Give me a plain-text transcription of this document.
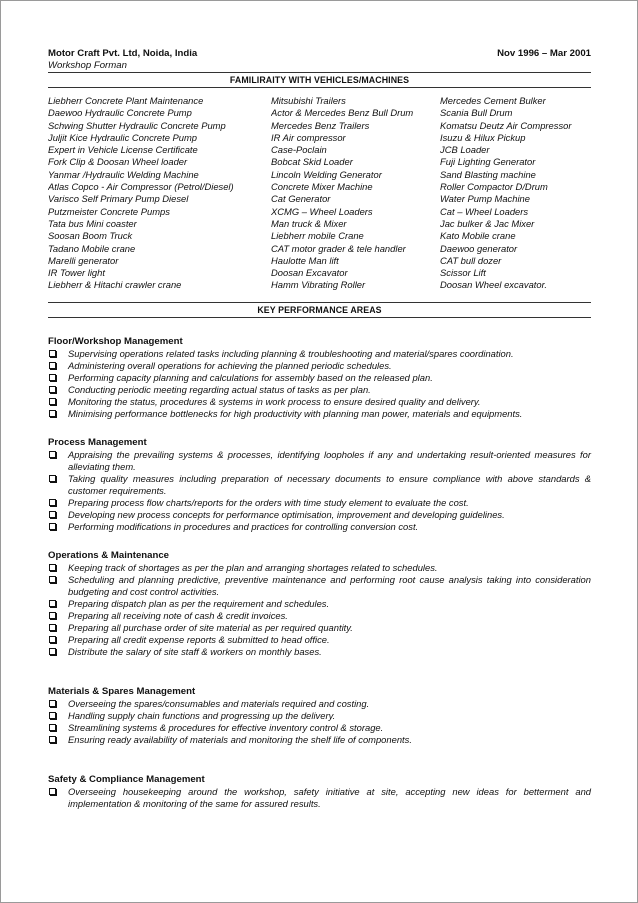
Motor Craft Pvt. Ltd, Noida, India	Nov 1996 – Mar 2001
Workshop Forman
FAMILIRAITY WITH VEHICLES/MACHINES
Liebherr Concrete Plant Maintenance	Mitsubishi Trailers	Mercedes Cement Bulker
Daewoo Hydraulic Concrete Pump	Actor & Mercedes Benz Bull Drum	Scania Bull Drum
Schwing Shutter Hydraulic Concrete Pump	Mercedes Benz Trailers	Komatsu Deutz Air Compressor
Juljit Kice Hydraulic Concrete Pump	IR Air compressor	Isuzu & Hilux Pickup
Expert in Vehicle License Certificate	Case-Poclain	JCB Loader
Fork Clip & Doosan Wheel loader	Bobcat Skid Loader	Fuji Lighting Generator
Yanmar /Hydraulic Welding Machine	Lincoln Welding Generator	Sand Blasting machine
Atlas Copco - Air Compressor (Petrol/Diesel)	Concrete Mixer Machine	Roller Compactor D/Drum
Varisco Self Primary Pump Diesel	Cat Generator	Water Pump Machine
Putzmeister Concrete Pumps	XCMG – Wheel Loaders	Cat – Wheel Loaders
Tata bus Mini coaster	Man truck & Mixer	Jac bulker & Jac Mixer
Soosan Boom Truck	Liebherr mobile Crane	Kato Mobile crane
Tadano Mobile crane	CAT motor grader & tele handler	Daewoo generator
Marelli generator	Haulotte Man lift	CAT bull dozer
IR Tower light	Doosan Excavator	Scissor Lift
Liebherr & Hitachi crawler crane	Hamm Vibrating Roller	Doosan Wheel excavator.
KEY PERFORMANCE AREAS
Floor/Workshop Management
Supervising operations related tasks including planning & troubleshooting and material/spares coordination.
Administering overall operations for achieving the planned periodic schedules.
Performing capacity planning and calculations for assembly based on the released plan.
Conducting periodic meeting regarding actual status of tasks as per plan.
Monitoring the status, procedures & systems in work process to ensure desired quality and delivery.
Minimising performance bottlenecks for high productivity with planning man power, materials and equipments.
Process Management
Appraising the prevailing systems & processes, identifying loopholes if any and undertaking result-oriented measures for alleviating them.
Taking quality measures including preparation of necessary documents to ensure compliance with above standards & customer requirements.
Preparing process flow charts/reports for the orders with time study element to evaluate the cost.
Developing new process concepts for performance optimisation, improvement and developing guidelines.
Performing modifications in procedures and practices for controlling conversion cost.
Operations & Maintenance
Keeping track of shortages as per the plan and arranging shortages related to schedules.
Scheduling and planning predictive, preventive maintenance and performing root cause analysis taking into consideration budgeting and cost control activities.
Preparing dispatch plan as per the requirement and schedules.
Preparing all receiving note of cash & credit invoices.
Preparing all purchase order of site material as per required quantity.
Preparing all credit expense reports & submitted to head office.
Distribute the salary of site staff & workers on monthly bases.
Materials & Spares Management
Overseeing the spares/consumables and materials required and costing.
Handling supply chain functions and progressing up the delivery.
Streamlining systems & procedures for effective inventory control & storage.
Ensuring ready availability of materials and monitoring the shelf life of components.
Safety & Compliance Management
Overseeing housekeeping around the workshop, safety initiative at site, accepting new ideas for betterment and implementation & monitoring of the same for assured results.
